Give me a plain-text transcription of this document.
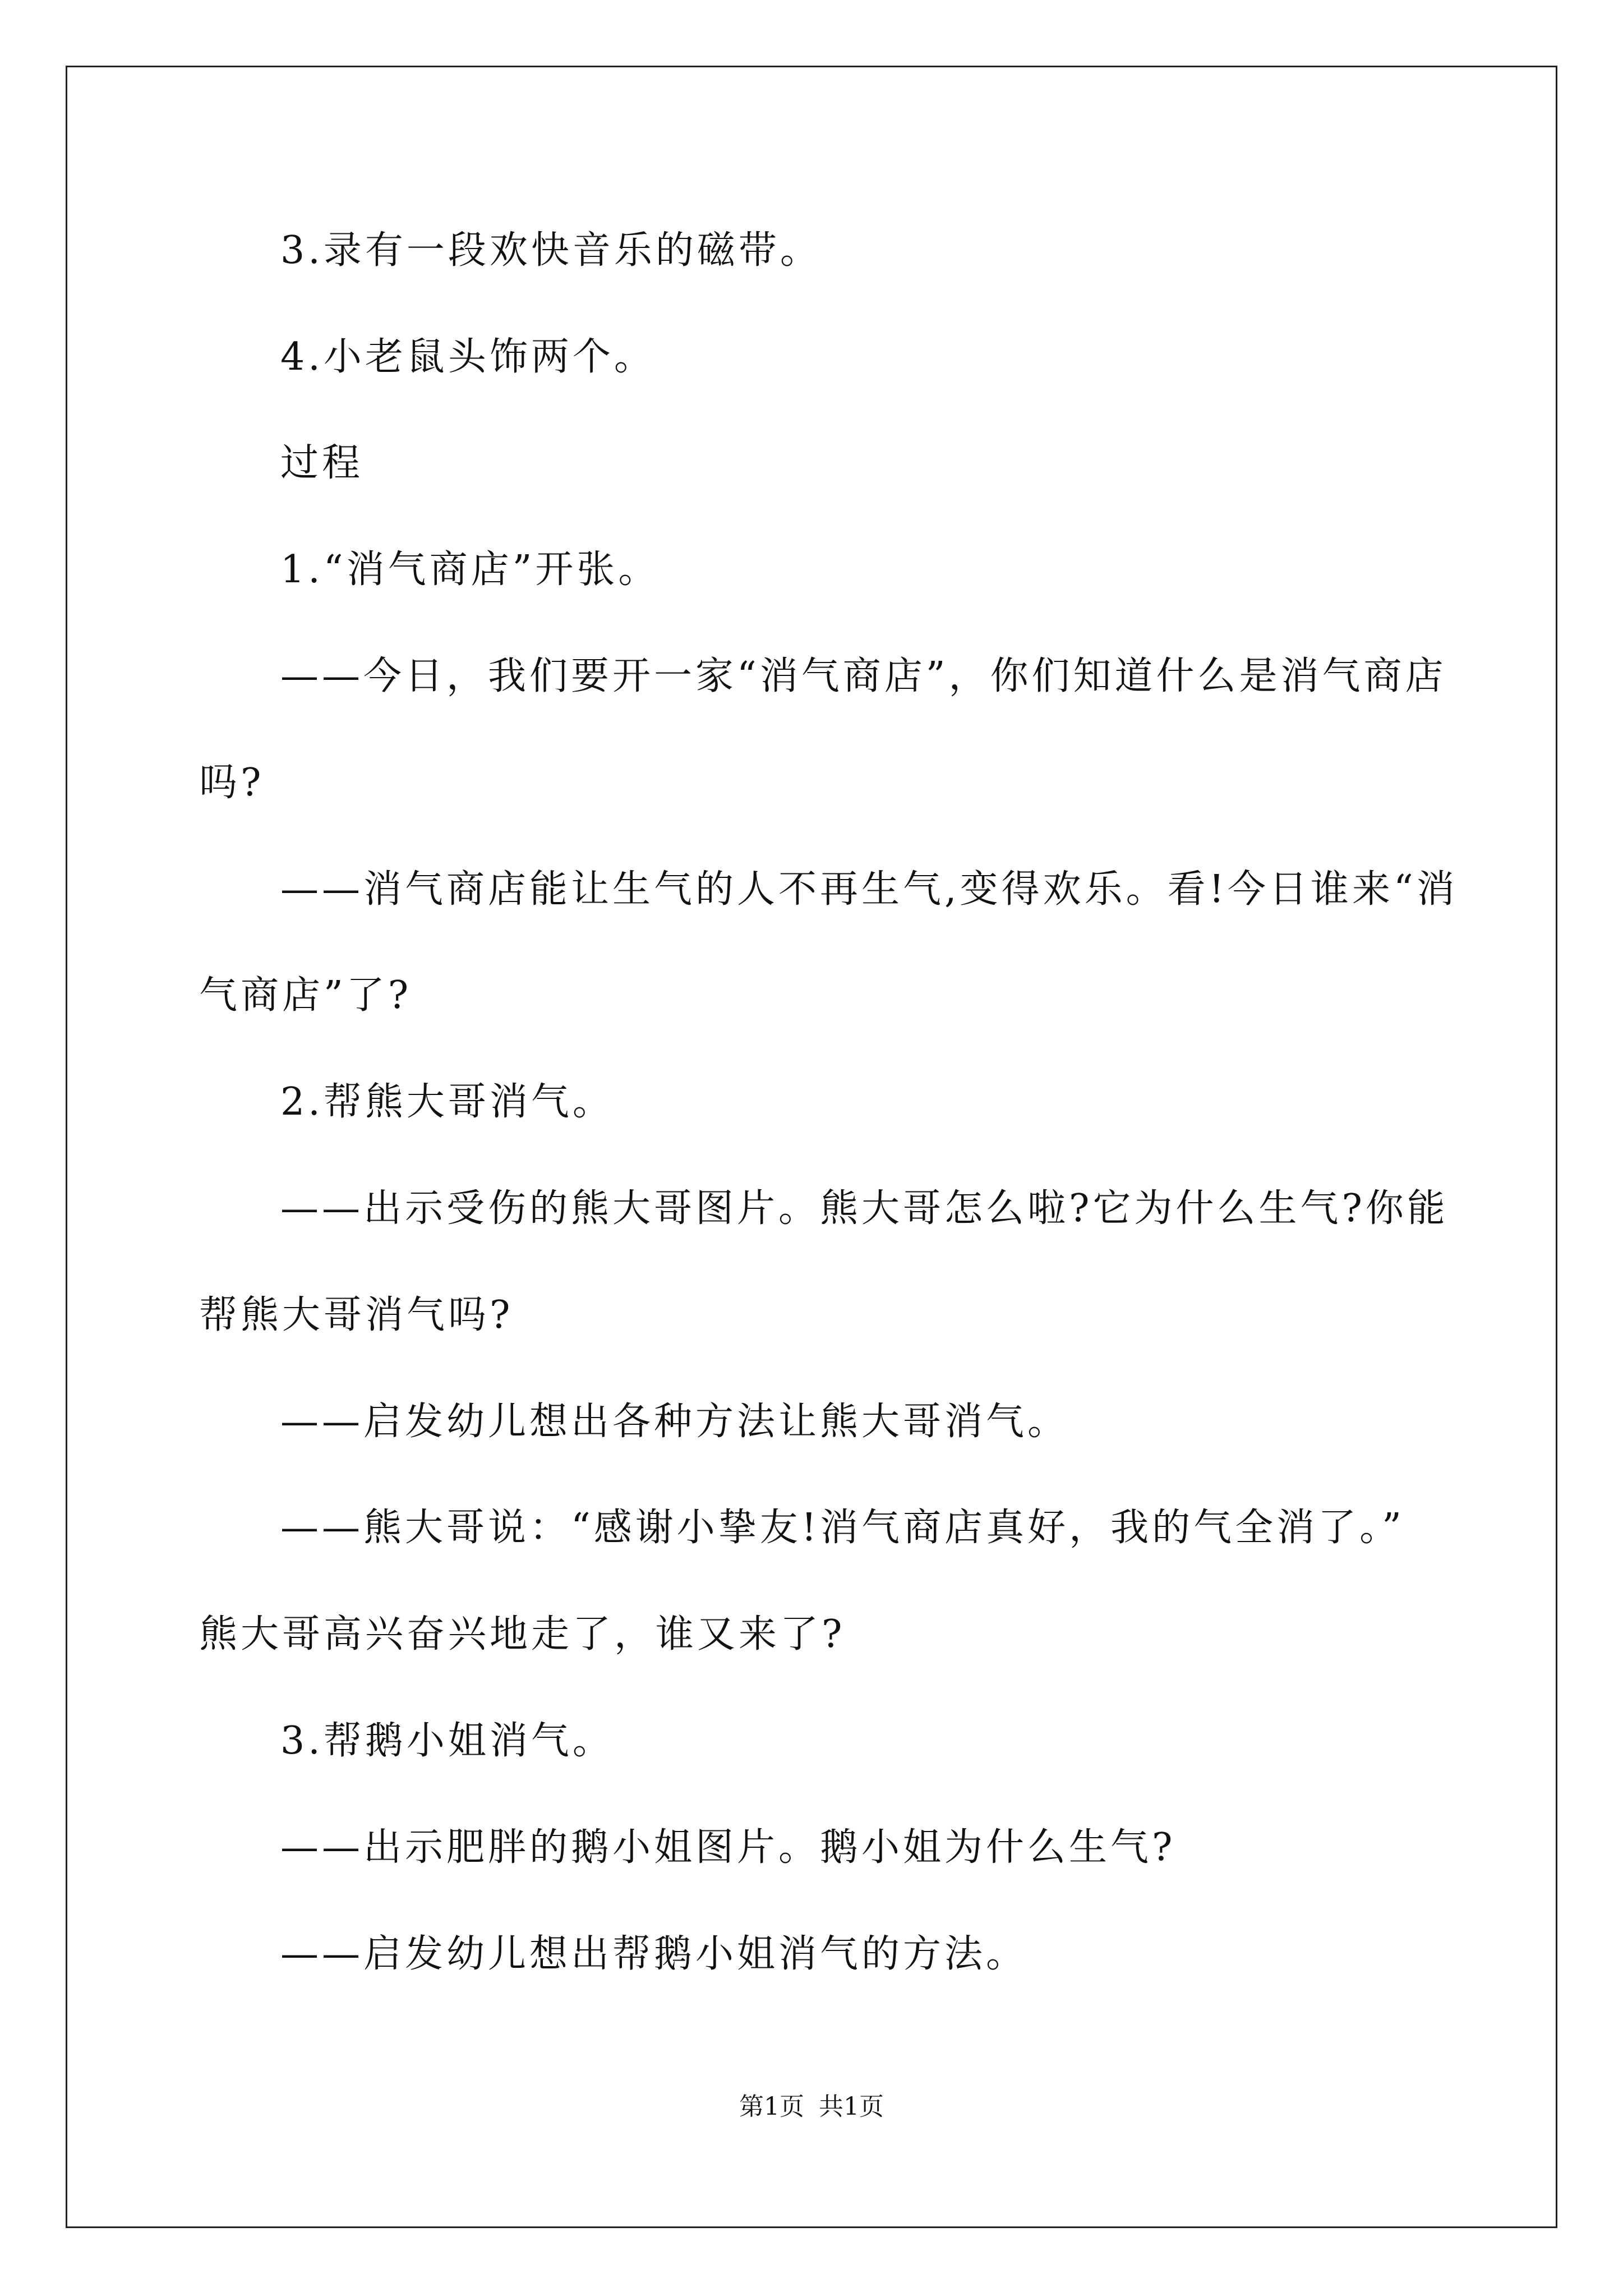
3.录有一段欢快音乐的磁带。
4.小老鼠头饰两个。
过程
1.“消气商店”开张。
——今日，我们要开一家“消气商店”，你们知道什么是消气商店
吗?
——消气商店能让生气的人不再生气,变得欢乐。看!今日谁来“消
气商店”了?
2.帮熊大哥消气。
——出示受伤的熊大哥图片。熊大哥怎么啦?它为什么生气?你能
帮熊大哥消气吗?
——启发幼儿想出各种方法让熊大哥消气。
——熊大哥说：“感谢小挚友!消气商店真好，我的气全消了。”
熊大哥高兴奋兴地走了，谁又来了?
3.帮鹅小姐消气。
——出示肥胖的鹅小姐图片。鹅小姐为什么生气?
——启发幼儿想出帮鹅小姐消气的方法。
第1页 共1页
